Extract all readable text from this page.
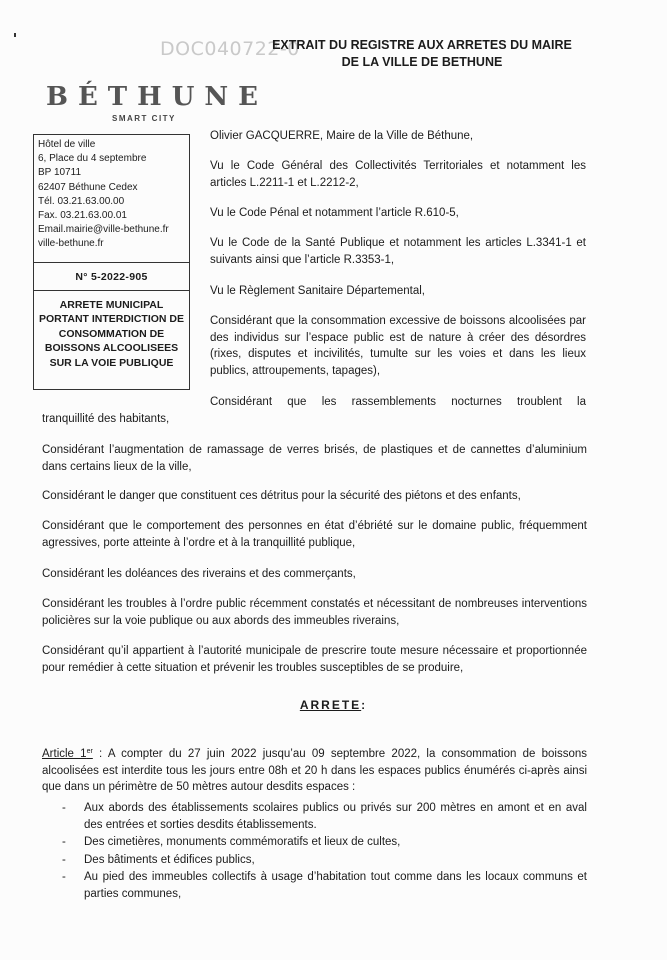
DOC040722-0
EXTRAIT DU REGISTRE AUX ARRETES DU MAIRE DE LA VILLE DE BETHUNE
BÉTHUNE
SMART CITY
Hôtel de ville
6, Place du 4 septembre
BP 10711
62407 Béthune Cedex
Tél. 03.21.63.00.00
Fax. 03.21.63.00.01
Email.mairie@ville-bethune.fr
ville-bethune.fr
N° 5-2022-905
ARRETE MUNICIPAL PORTANT INTERDICTION DE CONSOMMATION DE BOISSONS ALCOOLISEES SUR LA VOIE PUBLIQUE
Olivier GACQUERRE, Maire de la Ville de Béthune,
Vu le Code Général des Collectivités Territoriales et notamment les articles L.2211-1 et L.2212-2,
Vu le Code Pénal et notamment l’article R.610-5,
Vu le Code de la Santé Publique et notamment les articles L.3341-1 et suivants ainsi que l’article R.3353-1,
Vu le Règlement Sanitaire Départemental,
Considérant que la consommation excessive de boissons alcoolisées par des individus sur l’espace public est de nature à créer des désordres (rixes, disputes et incivilités, tumulte sur les voies et dans les lieux publics, attroupements, tapages),
Considérant que les rassemblements nocturnes troublent la
tranquillité des habitants,
Considérant l’augmentation de ramassage de verres brisés, de plastiques et de cannettes d’aluminium dans certains lieux de la ville,
Considérant le danger que constituent ces détritus pour la sécurité des piétons et des enfants,
Considérant que le comportement des personnes en état d’ébriété sur le domaine public, fréquemment agressives, porte atteinte à l’ordre et à la tranquillité publique,
Considérant les doléances des riverains et des commerçants,
Considérant les troubles à l’ordre public récemment constatés et nécessitant de nombreuses interventions policières sur la voie publique ou aux abords des immeubles riverains,
Considérant qu’il appartient à l’autorité municipale de prescrire toute mesure nécessaire et proportionnée pour remédier à cette situation et prévenir les troubles susceptibles de se produire,
ARRETE:
Article 1er : A compter du 27 juin 2022 jusqu’au 09 septembre 2022, la consommation de boissons alcoolisées est interdite tous les jours entre 08h et 20 h dans les espaces publics énumérés ci-après ainsi que dans un périmètre de 50 mètres autour desdits espaces :
- Aux abords des établissements scolaires publics ou privés sur 200 mètres en amont et en aval des entrées et sorties desdits établissements.
- Des cimetières, monuments commémoratifs et lieux de cultes,
- Des bâtiments et édifices publics,
- Au pied des immeubles collectifs à usage d’habitation tout comme dans les locaux communs et parties communes,
